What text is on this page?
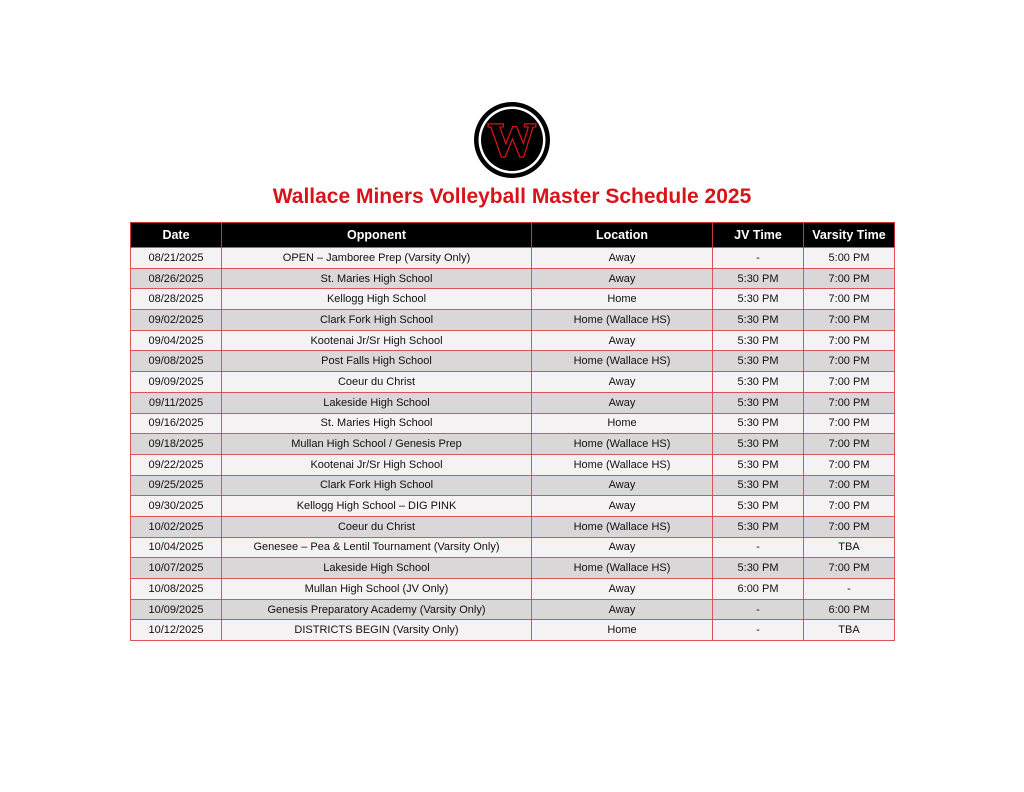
W
Wallace Miners Volleyball Master Schedule 2025
Date	Opponent	Location	JV Time	Varsity Time
08/21/2025	OPEN – Jamboree Prep (Varsity Only)	Away	-	5:00 PM
08/26/2025	St. Maries High School	Away	5:30 PM	7:00 PM
08/28/2025	Kellogg High School	Home	5:30 PM	7:00 PM
09/02/2025	Clark Fork High School	Home (Wallace HS)	5:30 PM	7:00 PM
09/04/2025	Kootenai Jr/Sr High School	Away	5:30 PM	7:00 PM
09/08/2025	Post Falls High School	Home (Wallace HS)	5:30 PM	7:00 PM
09/09/2025	Coeur du Christ	Away	5:30 PM	7:00 PM
09/11/2025	Lakeside High School	Away	5:30 PM	7:00 PM
09/16/2025	St. Maries High School	Home	5:30 PM	7:00 PM
09/18/2025	Mullan High School / Genesis Prep	Home (Wallace HS)	5:30 PM	7:00 PM
09/22/2025	Kootenai Jr/Sr High School	Home (Wallace HS)	5:30 PM	7:00 PM
09/25/2025	Clark Fork High School	Away	5:30 PM	7:00 PM
09/30/2025	Kellogg High School – DIG PINK	Away	5:30 PM	7:00 PM
10/02/2025	Coeur du Christ	Home (Wallace HS)	5:30 PM	7:00 PM
10/04/2025	Genesee – Pea & Lentil Tournament (Varsity Only)	Away	-	TBA
10/07/2025	Lakeside High School	Home (Wallace HS)	5:30 PM	7:00 PM
10/08/2025	Mullan High School (JV Only)	Away	6:00 PM	-
10/09/2025	Genesis Preparatory Academy (Varsity Only)	Away	-	6:00 PM
10/12/2025	DISTRICTS BEGIN (Varsity Only)	Home	-	TBA
